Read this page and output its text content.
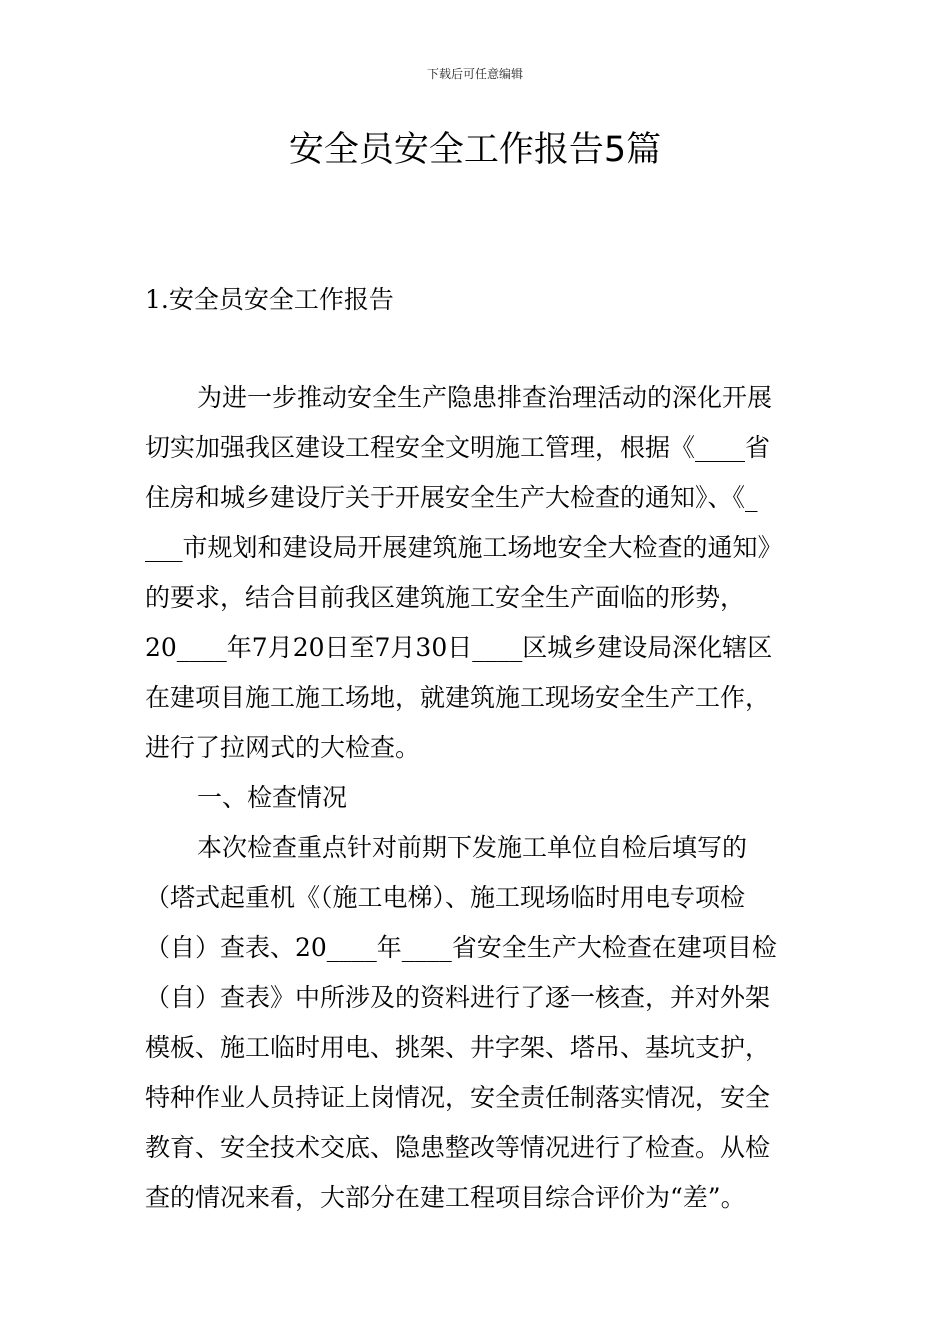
下载后可任意编辑
安全员安全工作报告5篇
1.安全员安全工作报告
为进一步推动安全生产隐患排查治理活动的深化开展
切实加强我区建设工程安全文明施工管理，根据《____省
住房和城乡建设厅关于开展安全生产大检查的通知》、《_
___市规划和建设局开展建筑施工场地安全大检查的通知》
的要求，结合目前我区建筑施工安全生产面临的形势，
20____年7月20日至7月30日____区城乡建设局深化辖区
在建项目施工施工场地，就建筑施工现场安全生产工作，
进行了拉网式的大检查。
一、检查情况
本次检查重点针对前期下发施工单位自检后填写的
（塔式起重机《（施工电梯）、施工现场临时用电专项检
（自）查表、20____年____省安全生产大检查在建项目检
（自）查表》中所涉及的资料进行了逐一核查，并对外架
模板、施工临时用电、挑架、井字架、塔吊、基坑支护，
特种作业人员持证上岗情况，安全责任制落实情况，安全
教育、安全技术交底、隐患整改等情况进行了检查。从检
查的情况来看，大部分在建工程项目综合评价为“差”。
